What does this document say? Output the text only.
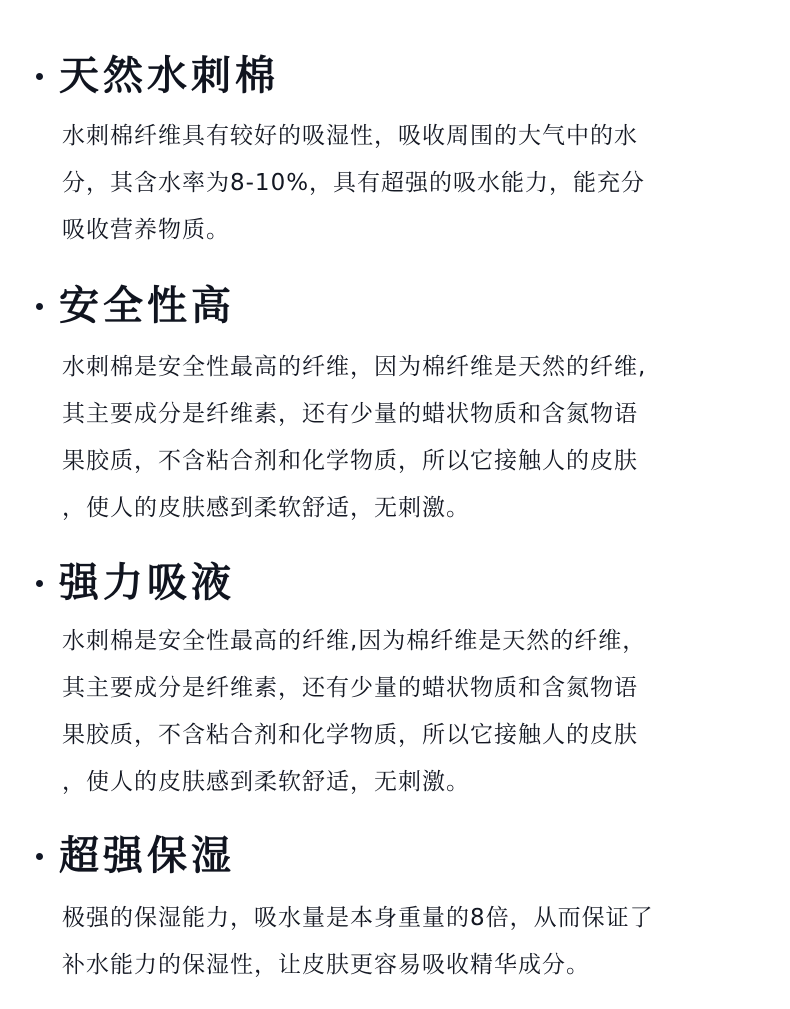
天然水刺棉
水刺棉纤维具有较好的吸湿性，吸收周围的大气中的水
分，其含水率为8-10%，具有超强的吸水能力，能充分
吸收营养物质。
安全性高
水刺棉是安全性最高的纤维，因为棉纤维是天然的纤维,
其主要成分是纤维素，还有少量的蜡状物质和含氮物语
果胶质，不含粘合剂和化学物质，所以它接触人的皮肤
，使人的皮肤感到柔软舒适，无刺激。
强力吸液
水刺棉是安全性最高的纤维,因为棉纤维是天然的纤维，
其主要成分是纤维素，还有少量的蜡状物质和含氮物语
果胶质，不含粘合剂和化学物质，所以它接触人的皮肤
，使人的皮肤感到柔软舒适，无刺激。
超强保湿
极强的保湿能力，吸水量是本身重量的8倍，从而保证了
补水能力的保湿性，让皮肤更容易吸收精华成分。
